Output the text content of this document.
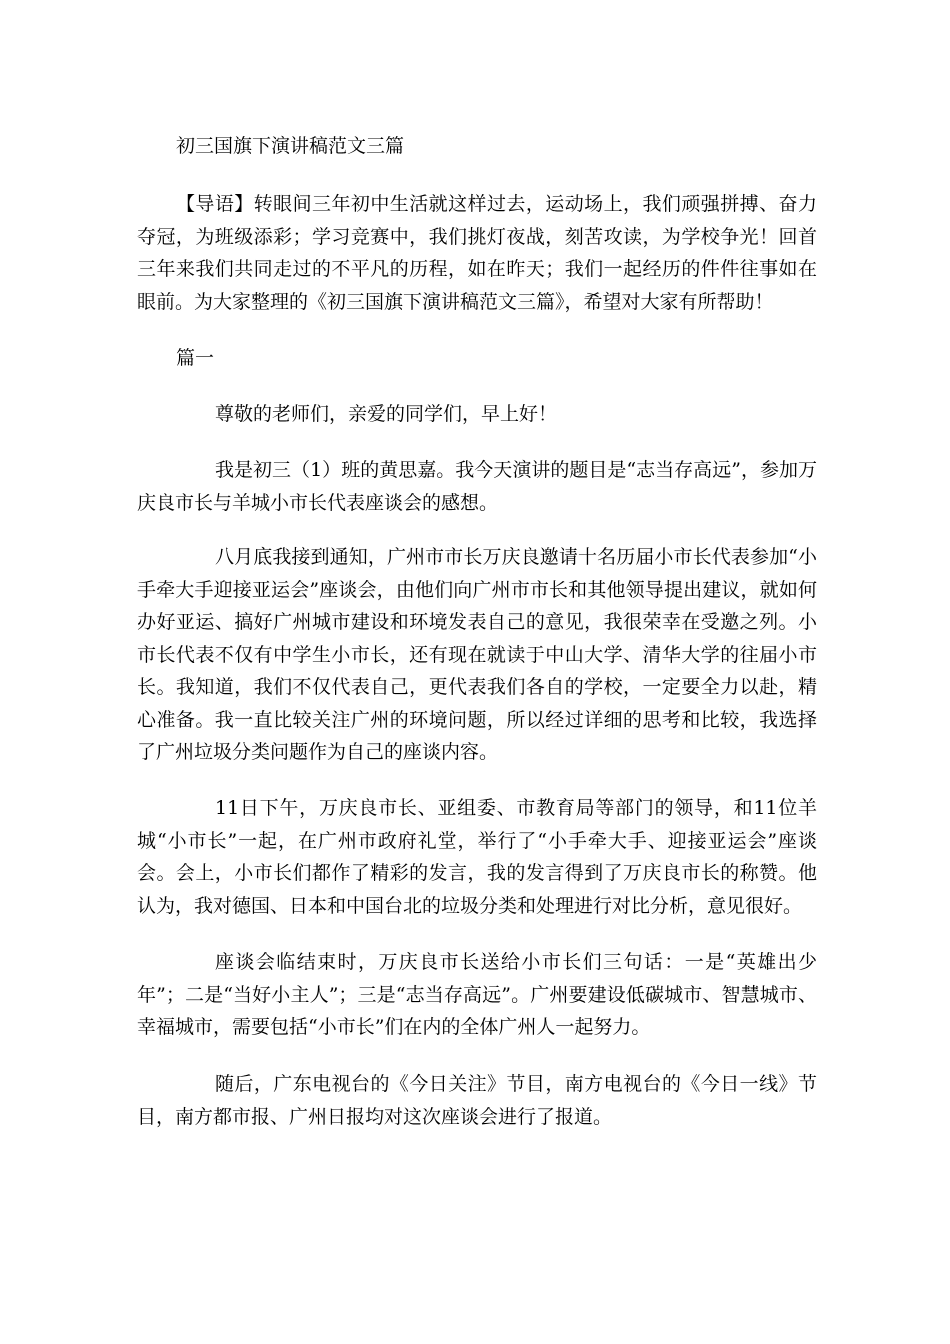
初三国旗下演讲稿范文三篇

【导语】转眼间三年初中生活就这样过去，运动场上，我们顽强拼搏、奋力夺冠，为班级添彩；学习竞赛中，我们挑灯夜战，刻苦攻读，为学校争光！回首三年来我们共同走过的不平凡的历程，如在昨天；我们一起经历的件件往事如在眼前。为大家整理的《初三国旗下演讲稿范文三篇》，希望对大家有所帮助！

篇一

尊敬的老师们，亲爱的同学们，早上好！

我是初三（1）班的黄思嘉。我今天演讲的题目是“志当存高远”，参加万庆良市长与羊城小市长代表座谈会的感想。

八月底我接到通知，广州市市长万庆良邀请十名历届小市长代表参加“小手牵大手迎接亚运会”座谈会，由他们向广州市市长和其他领导提出建议，就如何办好亚运、搞好广州城市建设和环境发表自己的意见，我很荣幸在受邀之列。小市长代表不仅有中学生小市长，还有现在就读于中山大学、清华大学的往届小市长。我知道，我们不仅代表自己，更代表我们各自的学校，一定要全力以赴，精心准备。我一直比较关注广州的环境问题，所以经过详细的思考和比较，我选择了广州垃圾分类问题作为自己的座谈内容。

11日下午，万庆良市长、亚组委、市教育局等部门的领导，和11位羊城“小市长”一起，在广州市政府礼堂，举行了“小手牵大手、迎接亚运会”座谈会。会上，小市长们都作了精彩的发言，我的发言得到了万庆良市长的称赞。他认为，我对德国、日本和中国台北的垃圾分类和处理进行对比分析，意见很好。

座谈会临结束时，万庆良市长送给小市长们三句话：一是“英雄出少年”；二是“当好小主人”；三是“志当存高远”。广州要建设低碳城市、智慧城市、幸福城市，需要包括“小市长”们在内的全体广州人一起努力。

随后，广东电视台的《今日关注》节目，南方电视台的《今日一线》节目，南方都市报、广州日报均对这次座谈会进行了报道。
